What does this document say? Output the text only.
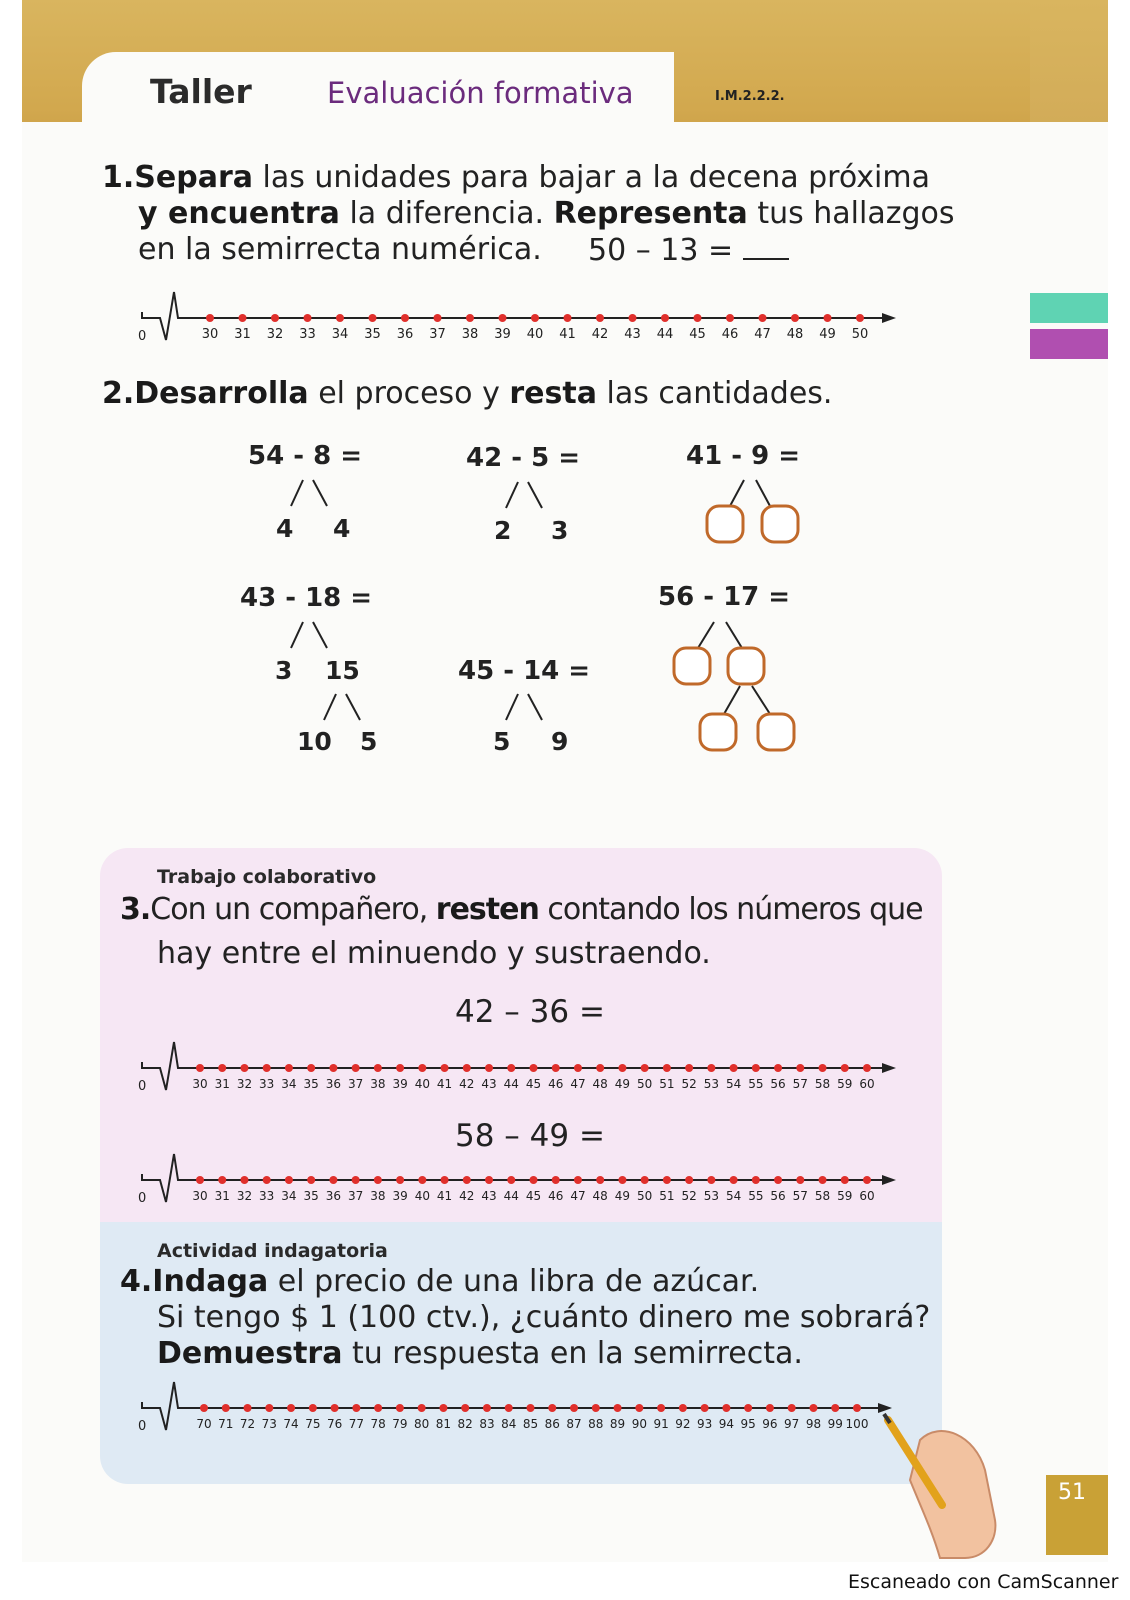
Taller	Evaluación formativa	I.M.2.2.2.
1.Separa las unidades para bajar a la decena próxima
y encuentra la diferencia. Representa tus hallazgos
en la semirrecta numérica. 50 – 13 =
0	30 31 32 33 34 35 36 37 38 39 40 41 42 43 44 45 46 47 48 49 50
2.Desarrolla el proceso y resta las cantidades.
54 - 8 =
4 4
42 - 5 =
2 3
41 - 9 =
43 - 18 =
3 15
10 5
45 - 14 =
5 9
56 - 17 =
Trabajo colaborativo
3.Con un compañero, resten contando los números que
hay entre el minuendo y sustraendo.
42 – 36 =
0	30 31 32 33 34 35 36 37 38 39 40 41 42 43 44 45 46 47 48 49 50 51 52 53 54 55 56 57 58 59 60
58 – 49 =
0	30 31 32 33 34 35 36 37 38 39 40 41 42 43 44 45 46 47 48 49 50 51 52 53 54 55 56 57 58 59 60
Actividad indagatoria
4.Indaga el precio de una libra de azúcar.
Si tengo $ 1 (100 ctv.), ¿cuánto dinero me sobrará?
Demuestra tu respuesta en la semirrecta.
0	70 71 72 73 74 75 76 77 78 79 80 81 82 83 84 85 86 87 88 89 90 91 92 93 94 95 96 97 98 99 100
51
Escaneado con CamScanner
